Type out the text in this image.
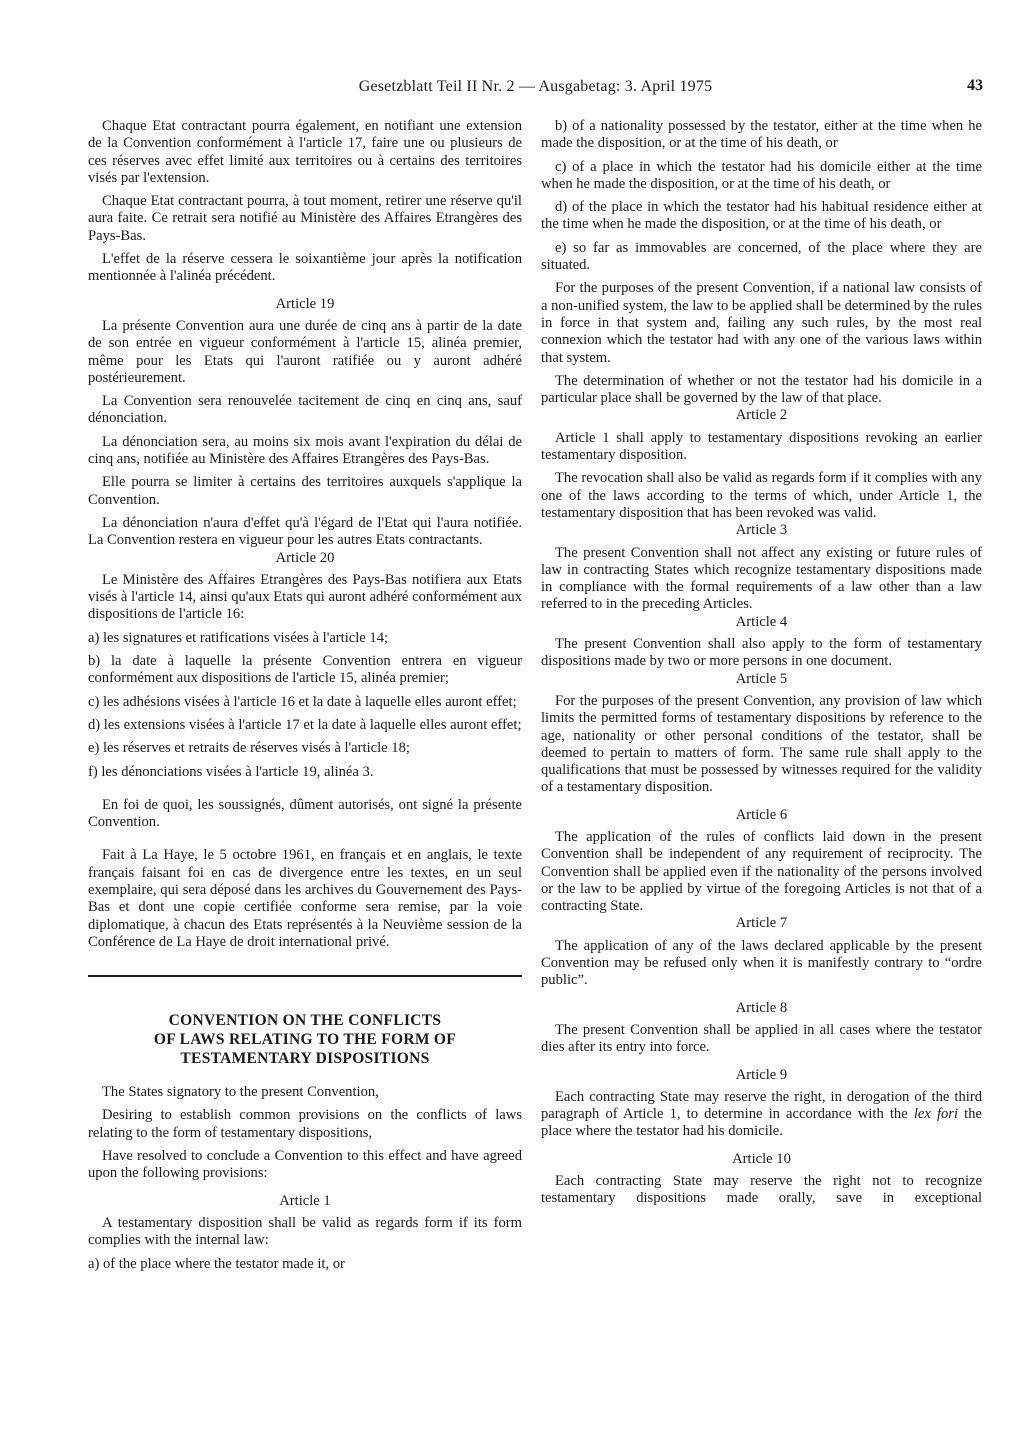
Gesetzblatt Teil II Nr. 2 — Ausgabetag: 3. April 1975	43

Chaque Etat contractant pourra également, en notifiant une extension de la Convention conformément à l'article 17, faire une ou plusieurs de ces réserves avec effet limité aux territoires ou à certains des territoires visés par l'extension.

Chaque Etat contractant pourra, à tout moment, retirer une réserve qu'il aura faite. Ce retrait sera notifié au Ministère des Affaires Etrangères des Pays-Bas.

L'effet de la réserve cessera le soixantième jour après la notification mentionnée à l'alinéa précédent.

Article 19

La présente Convention aura une durée de cinq ans à partir de la date de son entrée en vigueur conformément à l'article 15, alinéa premier, même pour les Etats qui l'auront ratifiée ou y auront adhéré postérieurement.

La Convention sera renouvelée tacitement de cinq en cinq ans, sauf dénonciation.

La dénonciation sera, au moins six mois avant l'expiration du délai de cinq ans, notifiée au Ministère des Affaires Etrangères des Pays-Bas.

Elle pourra se limiter à certains des territoires auxquels s'applique la Convention.

La dénonciation n'aura d'effet qu'à l'égard de l'Etat qui l'aura notifiée. La Convention restera en vigueur pour les autres Etats contractants.

Article 20

Le Ministère des Affaires Etrangères des Pays-Bas notifiera aux Etats visés à l'article 14, ainsi qu'aux Etats qui auront adhéré conformément aux dispositions de l'article 16:

a) les signatures et ratifications visées à l'article 14;

b) la date à laquelle la présente Convention entrera en vigueur conformément aux dispositions de l'article 15, alinéa premier;

c) les adhésions visées à l'article 16 et la date à laquelle elles auront effet;

d) les extensions visées à l'article 17 et la date à laquelle elles auront effet;

e) les réserves et retraits de réserves visés à l'article 18;

f) les dénonciations visées à l'article 19, alinéa 3.

En foi de quoi, les soussignés, dûment autorisés, ont signé la présente Convention.

Fait à La Haye, le 5 octobre 1961, en français et en anglais, le texte français faisant foi en cas de divergence entre les textes, en un seul exemplaire, qui sera déposé dans les archives du Gouvernement des Pays-Bas et dont une copie certifiée conforme sera remise, par la voie diplomatique, à chacun des Etats représentés à la Neuvième session de la Conférence de La Haye de droit international privé.

CONVENTION ON THE CONFLICTS
OF LAWS RELATING TO THE FORM OF
TESTAMENTARY DISPOSITIONS

The States signatory to the present Convention,

Desiring to establish common provisions on the conflicts of laws relating to the form of testamentary dispositions,

Have resolved to conclude a Convention to this effect and have agreed upon the following provisions:

Article 1

A testamentary disposition shall be valid as regards form if its form complies with the internal law:

a) of the place where the testator made it, or

b) of a nationality possessed by the testator, either at the time when he made the disposition, or at the time of his death, or

c) of a place in which the testator had his domicile either at the time when he made the disposition, or at the time of his death, or

d) of the place in which the testator had his habitual residence either at the time when he made the disposition, or at the time of his death, or

e) so far as immovables are concerned, of the place where they are situated.

For the purposes of the present Convention, if a national law consists of a non-unified system, the law to be applied shall be determined by the rules in force in that system and, failing any such rules, by the most real connexion which the testator had with any one of the various laws within that system.

The determination of whether or not the testator had his domicile in a particular place shall be governed by the law of that place.

Article 2

Article 1 shall apply to testamentary dispositions revoking an earlier testamentary disposition.

The revocation shall also be valid as regards form if it complies with any one of the laws according to the terms of which, under Article 1, the testamentary disposition that has been revoked was valid.

Article 3

The present Convention shall not affect any existing or future rules of law in contracting States which recognize testamentary dispositions made in compliance with the formal requirements of a law other than a law referred to in the preceding Articles.

Article 4

The present Convention shall also apply to the form of testamentary dispositions made by two or more persons in one document.

Article 5

For the purposes of the present Convention, any provision of law which limits the permitted forms of testamentary dispositions by reference to the age, nationality or other personal conditions of the testator, shall be deemed to pertain to matters of form. The same rule shall apply to the qualifications that must be possessed by witnesses required for the validity of a testamentary disposition.

Article 6

The application of the rules of conflicts laid down in the present Convention shall be independent of any requirement of reciprocity. The Convention shall be applied even if the nationality of the persons involved or the law to be applied by virtue of the foregoing Articles is not that of a contracting State.

Article 7

The application of any of the laws declared applicable by the present Convention may be refused only when it is manifestly contrary to “ordre public”.

Article 8

The present Convention shall be applied in all cases where the testator dies after its entry into force.

Article 9

Each contracting State may reserve the right, in derogation of the third paragraph of Article 1, to determine in accordance with the lex fori the place where the testator had his domicile.

Article 10

Each contracting State may reserve the right not to recognize testamentary dispositions made orally, save in exceptional
